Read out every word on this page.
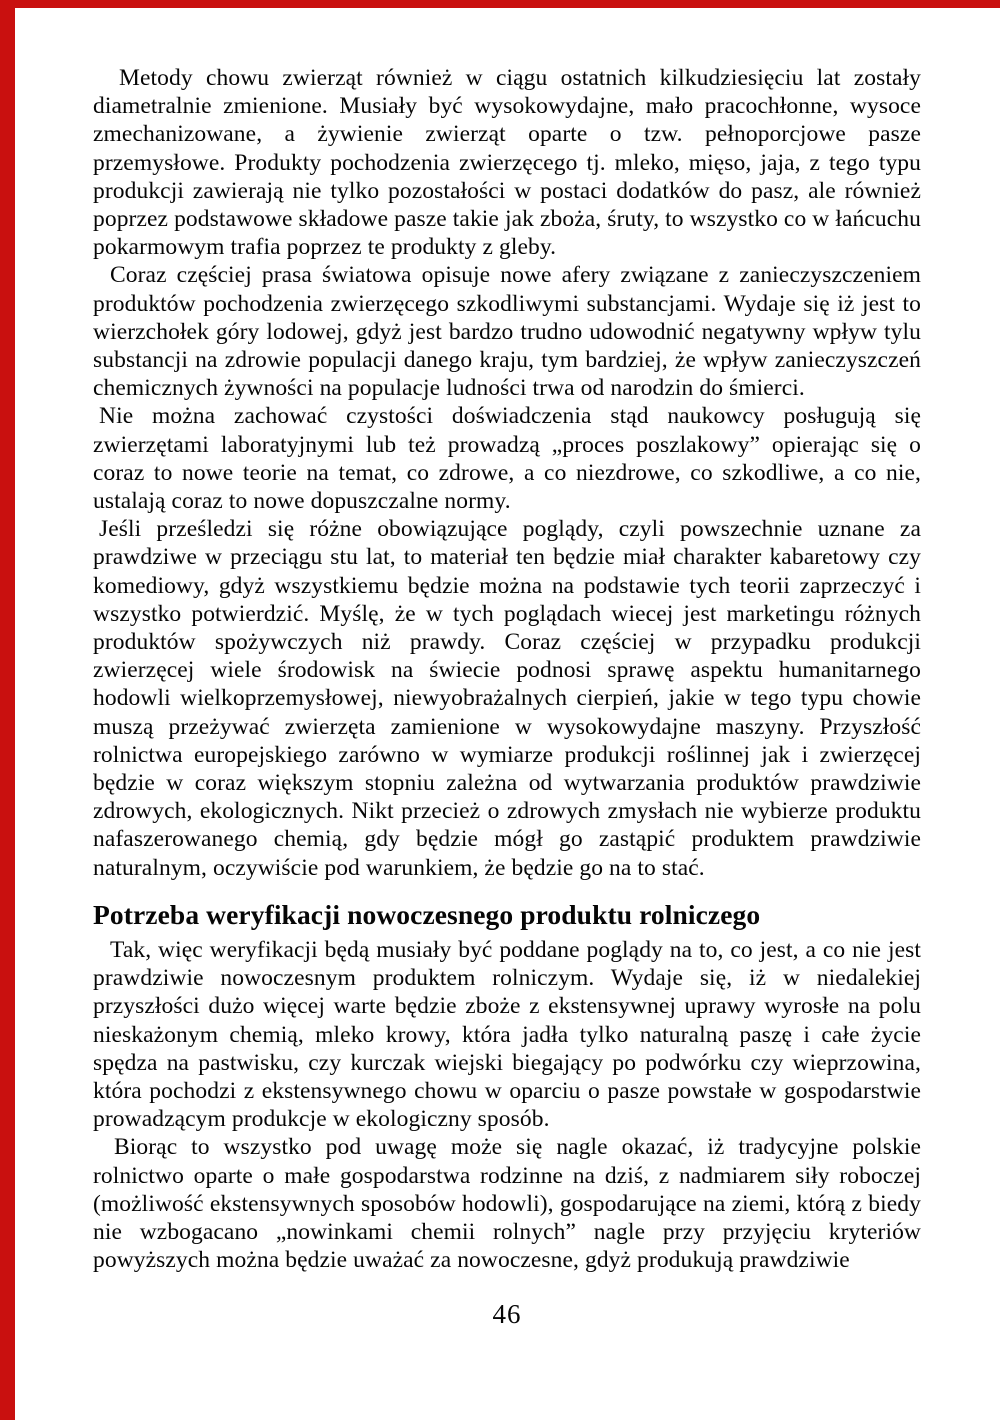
Metody chowu zwierząt również w ciągu ostatnich kilkudziesięciu lat zostały diametralnie zmienione. Musiały być wysokowydajne, mało pracochłonne, wysoce zmechanizowane, a żywienie zwierząt oparte o tzw. pełnoporcjowe pasze przemysłowe. Produkty pochodzenia zwierzęcego tj. mleko, mięso, jaja, z tego typu produkcji zawierają nie tylko pozostałości w postaci dodatków do pasz, ale również poprzez podstawowe składowe pasze takie jak zboża, śruty, to wszystko co w łańcuchu pokarmowym trafia poprzez te produkty z gleby.

Coraz częściej prasa światowa opisuje nowe afery związane z zanieczyszczeniem produktów pochodzenia zwierzęcego szkodliwymi substancjami. Wydaje się iż jest to wierzchołek góry lodowej, gdyż jest bardzo trudno udowodnić negatywny wpływ tylu substancji na zdrowie populacji danego kraju, tym bardziej, że wpływ zanieczyszczeń chemicznych żywności na populacje ludności trwa od narodzin do śmierci.

Nie można zachować czystości doświadczenia stąd naukowcy posługują się zwierzętami laboratyjnymi lub też prowadzą „proces poszlakowy” opierając się o coraz to nowe teorie na temat, co zdrowe, a co niezdrowe, co szkodliwe, a co nie, ustalają coraz to nowe dopuszczalne normy.

Jeśli prześledzi się różne obowiązujące poglądy, czyli powszechnie uznane za prawdziwe w przeciągu stu lat, to materiał ten będzie miał charakter kabaretowy czy komediowy, gdyż wszystkiemu będzie można na podstawie tych teorii zaprzeczyć i wszystko potwierdzić. Myślę, że w tych poglądach wiecej jest marketingu różnych produktów spożywczych niż prawdy. Coraz częściej w przypadku produkcji zwierzęcej wiele środowisk na świecie podnosi sprawę aspektu humanitarnego hodowli wielkoprzemysłowej, niewyobrażalnych cierpień, jakie w tego typu chowie muszą przeżywać zwierzęta zamienione w wysokowydajne maszyny. Przyszłość rolnictwa europejskiego zarówno w wymiarze produkcji roślinnej jak i zwierzęcej będzie w coraz większym stopniu zależna od wytwarzania produktów prawdziwie zdrowych, ekologicznych. Nikt przecież o zdrowych zmysłach nie wybierze produktu nafaszerowanego chemią, gdy będzie mógł go zastąpić produktem prawdziwie naturalnym, oczywiście pod warunkiem, że będzie go na to stać.

Potrzeba weryfikacji nowoczesnego produktu rolniczego

Tak, więc weryfikacji będą musiały być poddane poglądy na to, co jest, a co nie jest prawdziwie nowoczesnym produktem rolniczym. Wydaje się, iż w niedalekiej przyszłości dużo więcej warte będzie zboże z ekstensywnej uprawy wyrosłe na polu nieskażonym chemią, mleko krowy, która jadła tylko naturalną paszę i całe życie spędza na pastwisku, czy kurczak wiejski biegający po podwórku czy wieprzowina, która pochodzi z ekstensywnego chowu w oparciu o pasze powstałe w gospodarstwie prowadzącym produkcje w ekologiczny sposób.

Biorąc to wszystko pod uwagę może się nagle okazać, iż tradycyjne polskie rolnictwo oparte o małe gospodarstwa rodzinne na dziś, z nadmiarem siły roboczej (możliwość ekstensywnych sposobów hodowli), gospodarujące na ziemi, którą z biedy nie wzbogacano „nowinkami chemii rolnych” nagle przy przyjęciu kryteriów powyższych można będzie uważać za nowoczesne, gdyż produkują prawdziwie

46
